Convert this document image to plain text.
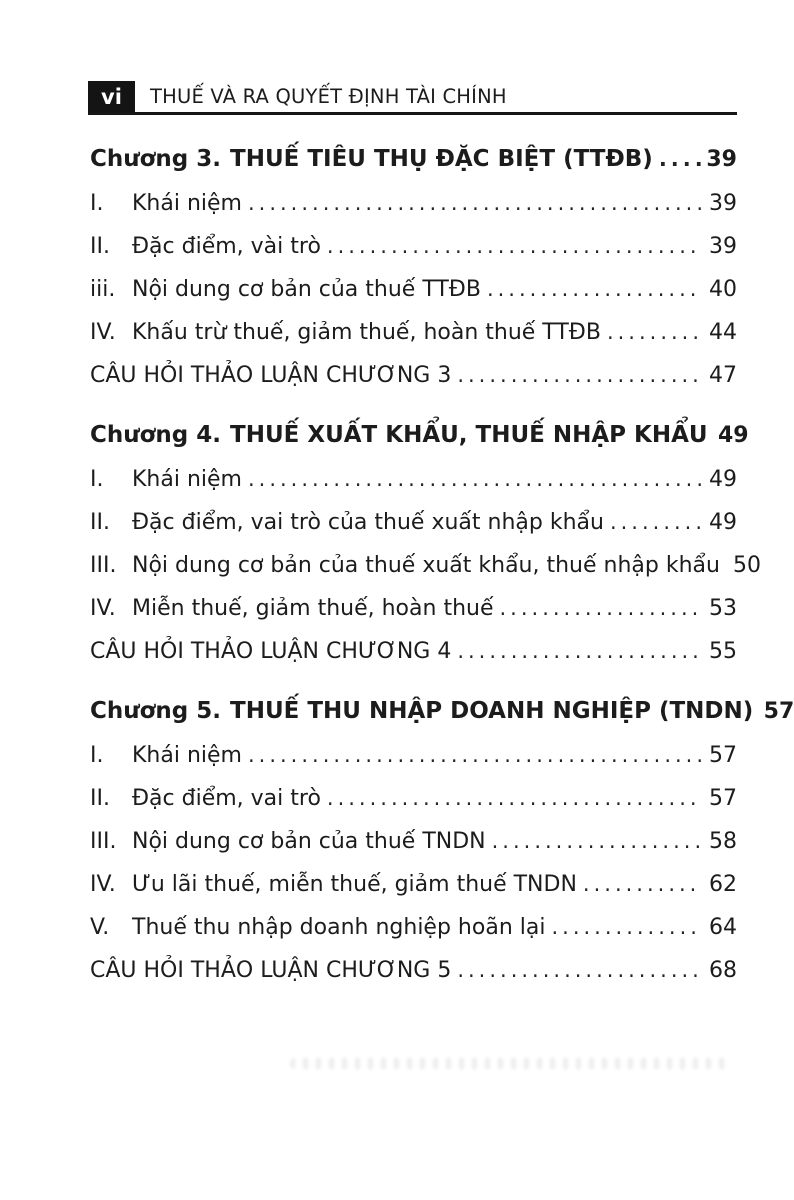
vi THUẾ VÀ RA QUYẾT ĐỊNH TÀI CHÍNH
Chương 3. THUẾ TIÊU THỤ ĐẶC BIỆT (TTĐB) ..... 39
I.	Khái niệm .....	39
II.	Đặc điểm, vài trò .....	39
iii. Nội dung cơ bản của thuế TTĐB .....	40
IV. Khấu trừ thuế, giảm thuế, hoàn thuế TTĐB .....	44
CÂU HỎI THẢO LUẬN CHƯƠNG 3 .....	47
Chương 4. THUẾ XUẤT KHẨU, THUẾ NHẬP KHẨU 49
I.	Khái niệm .....	49
II.	Đặc điểm, vai trò của thuế xuất nhập khẩu .....	49
III. Nội dung cơ bản của thuế xuất khẩu, thuế nhập khẩu 50
IV. Miễn thuế, giảm thuế, hoàn thuế .....	53
CÂU HỎI THẢO LUẬN CHƯƠNG 4 .....	55
Chương 5. THUẾ THU NHẬP DOANH NGHIỆP (TNDN) 57
I.	Khái niệm .....	57
II.	Đặc điểm, vai trò .....	57
III. Nội dung cơ bản của thuế TNDN .....	58
IV. Ưu lãi thuế, miễn thuế, giảm thuế TNDN .....	62
V.	Thuế thu nhập doanh nghiệp hoãn lại .....	64
CÂU HỎI THẢO LUẬN CHƯƠNG 5 .....	68
